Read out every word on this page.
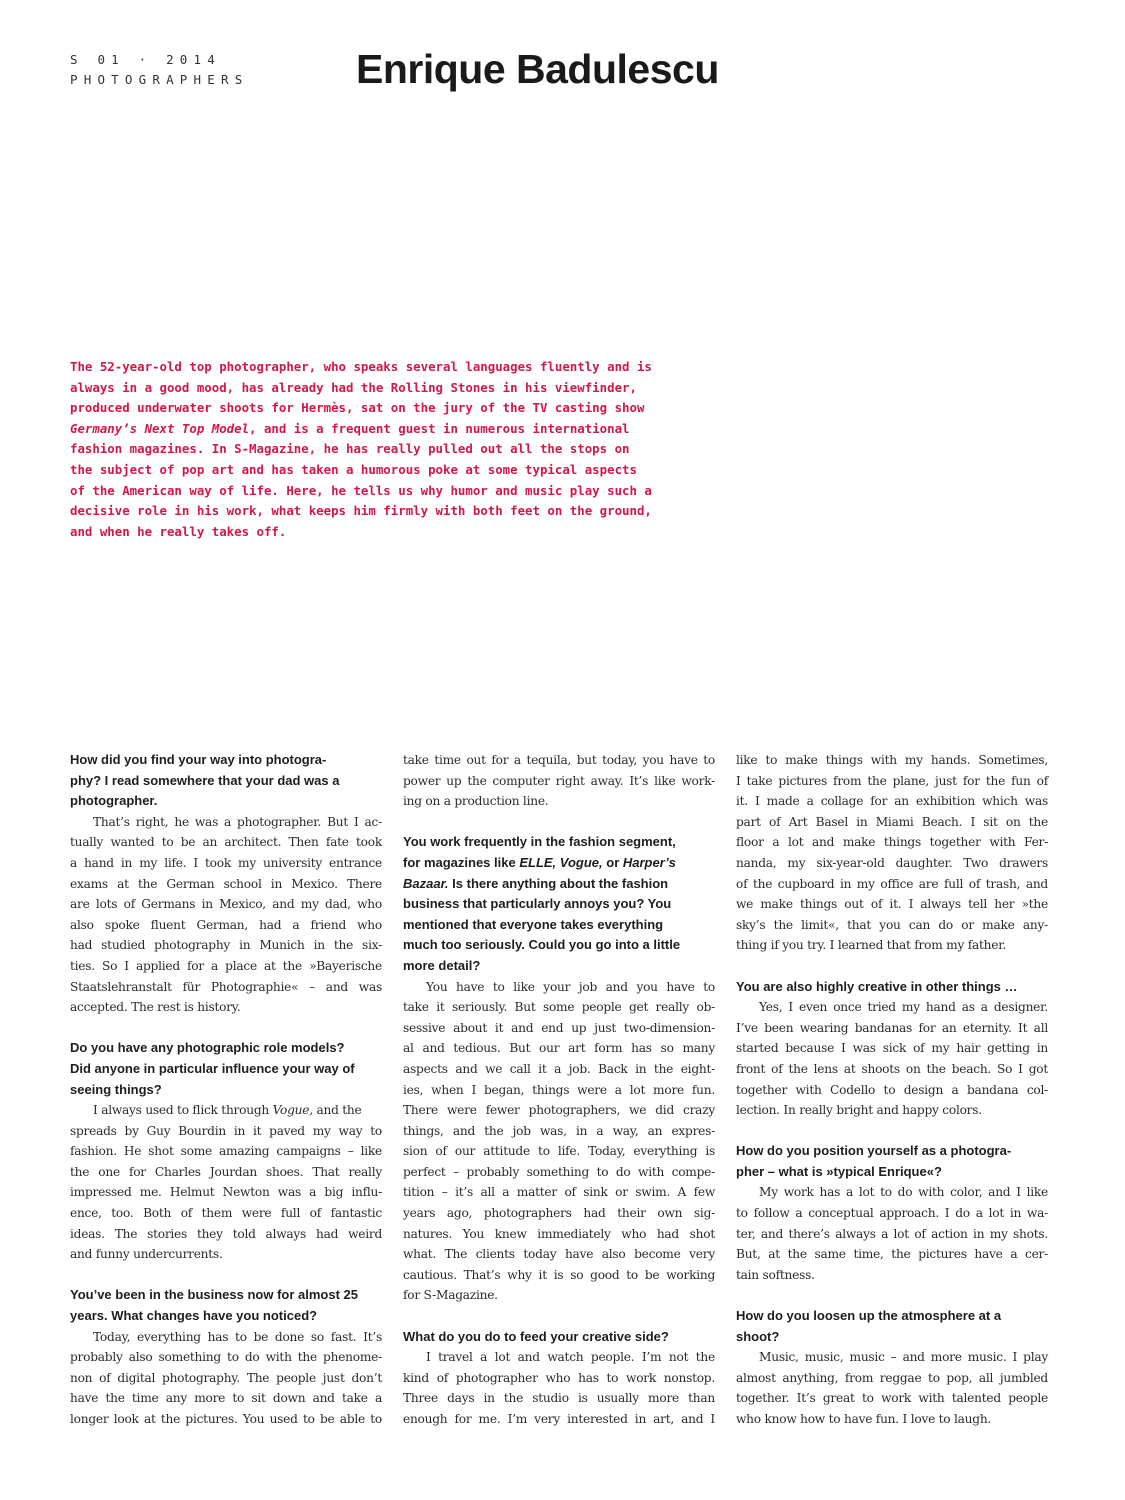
S 01 · 2014
PHOTOGRAPHERS	Enrique Badulescu
The 52-year-old top photographer, who speaks several languages fluently and is
always in a good mood, has already had the Rolling Stones in his viewfinder,
produced underwater shoots for Hermès, sat on the jury of the TV casting show
Germany’s Next Top Model, and is a frequent guest in numerous international
fashion magazines. In S-Magazine, he has really pulled out all the stops on
the subject of pop art and has taken a humorous poke at some typical aspects
of the American way of life. Here, he tells us why humor and music play such a
decisive role in his work, what keeps him firmly with both feet on the ground,
and when he really takes off.
How did you find your way into photogra-
phy? I read somewhere that your dad was a
photographer.
That’s right, he was a photographer. But I ac-
tually wanted to be an architect. Then fate took
a hand in my life. I took my university entrance
exams at the German school in Mexico. There
are lots of Germans in Mexico, and my dad, who
also spoke fluent German, had a friend who
had studied photography in Munich in the six-
ties. So I applied for a place at the »Bayerische
Staatslehranstalt für Photographie« – and was
accepted. The rest is history.
Do you have any photographic role models?
Did anyone in particular influence your way of
seeing things?
I always used to flick through Vogue, and the
spreads by Guy Bourdin in it paved my way to
fashion. He shot some amazing campaigns – like
the one for Charles Jourdan shoes. That really
impressed me. Helmut Newton was a big influ-
ence, too. Both of them were full of fantastic
ideas. The stories they told always had weird
and funny undercurrents.
You’ve been in the business now for almost 25
years. What changes have you noticed?
Today, everything has to be done so fast. It’s
probably also something to do with the phenome-
non of digital photography. The people just don’t
have the time any more to sit down and take a
longer look at the pictures. You used to be able to
take time out for a tequila, but today, you have to
power up the computer right away. It’s like work-
ing on a production line.
You work frequently in the fashion segment,
for magazines like ELLE, Vogue, or Harper’s
Bazaar. Is there anything about the fashion
business that particularly annoys you? You
mentioned that everyone takes everything
much too seriously. Could you go into a little
more detail?
You have to like your job and you have to
take it seriously. But some people get really ob-
sessive about it and end up just two-dimension-
al and tedious. But our art form has so many
aspects and we call it a job. Back in the eight-
ies, when I began, things were a lot more fun.
There were fewer photographers, we did crazy
things, and the job was, in a way, an expres-
sion of our attitude to life. Today, everything is
perfect – probably something to do with compe-
tition – it’s all a matter of sink or swim. A few
years ago, photographers had their own sig-
natures. You knew immediately who had shot
what. The clients today have also become very
cautious. That’s why it is so good to be working
for S-Magazine.
What do you do to feed your creative side?
I travel a lot and watch people. I’m not the
kind of photographer who has to work nonstop.
Three days in the studio is usually more than
enough for me. I’m very interested in art, and I
like to make things with my hands. Sometimes,
I take pictures from the plane, just for the fun of
it. I made a collage for an exhibition which was
part of Art Basel in Miami Beach. I sit on the
floor a lot and make things together with Fer-
nanda, my six-year-old daughter. Two drawers
of the cupboard in my office are full of trash, and
we make things out of it. I always tell her »the
sky’s the limit«, that you can do or make any-
thing if you try. I learned that from my father.
You are also highly creative in other things …
Yes, I even once tried my hand as a designer.
I’ve been wearing bandanas for an eternity. It all
started because I was sick of my hair getting in
front of the lens at shoots on the beach. So I got
together with Codello to design a bandana col-
lection. In really bright and happy colors.
How do you position yourself as a photogra-
pher – what is »typical Enrique«?
My work has a lot to do with color, and I like
to follow a conceptual approach. I do a lot in wa-
ter, and there’s always a lot of action in my shots.
But, at the same time, the pictures have a cer-
tain softness.
How do you loosen up the atmosphere at a
shoot?
Music, music, music – and more music. I play
almost anything, from reggae to pop, all jumbled
together. It’s great to work with talented people
who know how to have fun. I love to laugh.
